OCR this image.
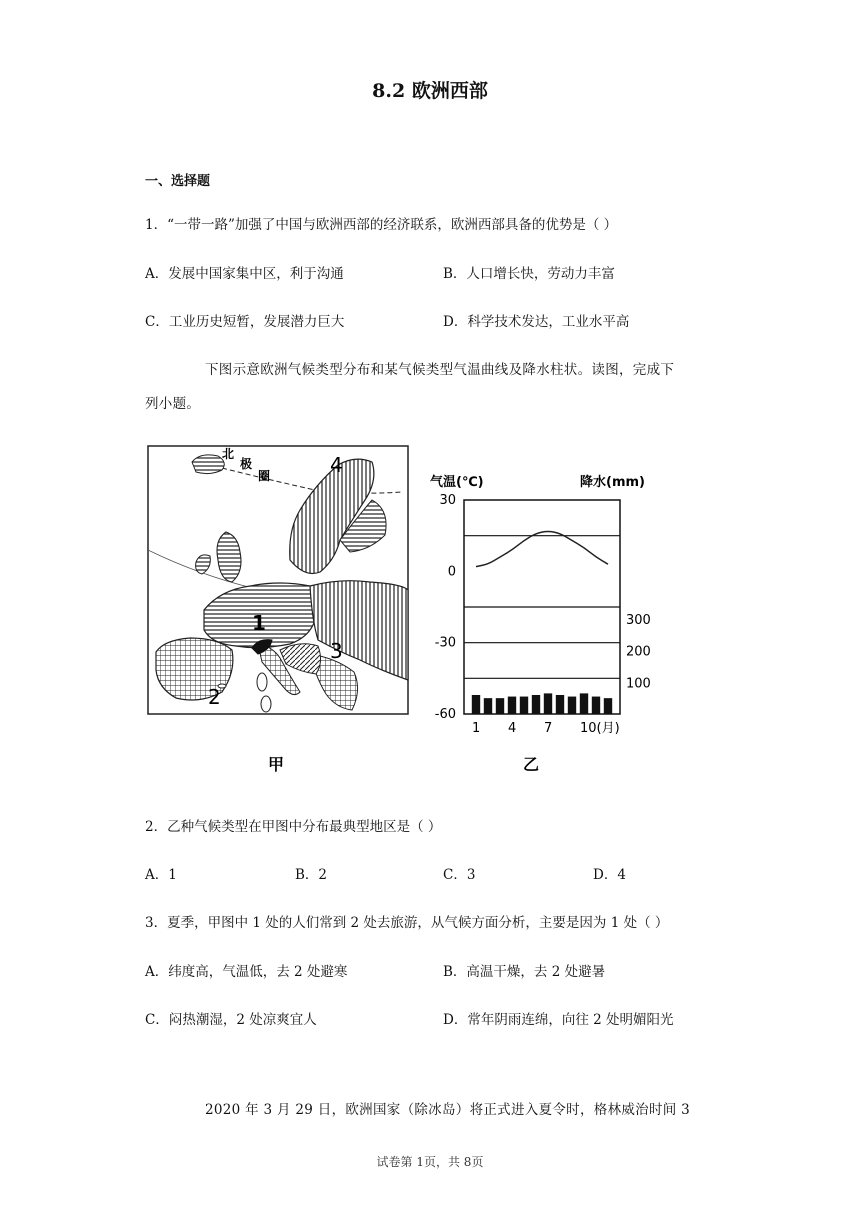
8.2 欧洲西部
一、选择题
1．“一带一路”加强了中国与欧洲西部的经济联系，欧洲西部具备的优势是（ ）
A．发展中国家集中区，利于沟通	B．人口增长快，劳动力丰富
C．工业历史短暂，发展潜力巨大	D．科学技术发达，工业水平高
下图示意欧洲气候类型分布和某气候类型气温曲线及降水柱状。读图，完成下
列小题。
北
极
圈	4
1
3
2
气温(℃)	降水(mm)
30
0
-30
-60
300
200
100
1 4 7 10(月)
甲	乙
2．乙种气候类型在甲图中分布最典型地区是（ ）
A．1	B．2	C．3	D．4
3．夏季，甲图中 1 处的人们常到 2 处去旅游，从气候方面分析，主要是因为 1 处（ ）
A．纬度高，气温低，去 2 处避寒	B．高温干燥，去 2 处避暑
C．闷热潮湿，2 处凉爽宜人	D．常年阴雨连绵，向往 2 处明媚阳光
2020 年 3 月 29 日，欧洲国家（除冰岛）将正式进入夏令时，格林威治时间 3
试卷第 1页，共 8页
